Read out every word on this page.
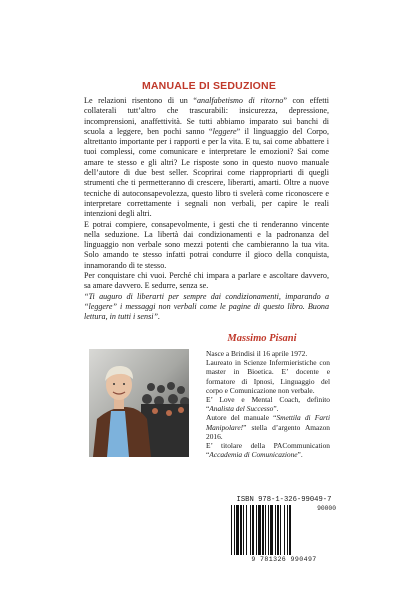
MANUALE DI SEDUZIONE

Le relazioni risentono di un “analfabetismo di ritorno” con effetti collaterali tutt’altro che trascurabili: insicurezza, depressione, incomprensioni, anaffettività. Se tutti abbiamo imparato sui banchi di scuola a leggere, ben pochi sanno “leggere” il linguaggio del Corpo, altrettanto importante per i rapporti e per la vita. E tu, sai come abbattere i tuoi complessi, come comunicare e interpretare le emozioni? Sai come amare te stesso e gli altri? Le risposte sono in questo nuovo manuale dell’autore di due best seller. Scoprirai come riappropriarti di quegli strumenti che ti permetteranno di crescere, liberarti, amarti. Oltre a nuove tecniche di autoconsapevolezza, questo libro ti svelerà come riconoscere e interpretare correttamente i segnali non verbali, per capire le reali intenzioni degli altri.

E potrai compiere, consapevolmente, i gesti che ti renderanno vincente nella seduzione. La libertà dai condizionamenti e la padronanza del linguaggio non verbale sono mezzi potenti che cambieranno la tua vita. Solo amando te stesso infatti potrai condurre il gioco della conquista, innamorando di te stesso.

Per conquistare chi vuoi. Perché chi impara a parlare e ascoltare davvero, sa amare davvero. E sedurre, senza se.

“Ti auguro di liberarti per sempre dai condizionamenti, imparando a “leggere” i messaggi non verbali come le pagine di questo libro. Buona lettura, in tutti i sensi”.

Massimo Pisani

Nasce a Brindisi il 16 aprile 1972.

Laureato in Scienze Infermieristiche con master in Bioetica. E’ docente e formatore di Ipnosi, Linguaggio del corpo e Comunicazione non verbale.

E’ Love e Mental Coach, definito “Analista del Successo”.

Autore del manuale “Smettila di Farti Manipolare!” stella d’argento Amazon 2016.

E’ titolare della PACommunication “Accademia di Comunicazione”.

ISBN 978-1-326-99049-7
90000
9 781326 990497
